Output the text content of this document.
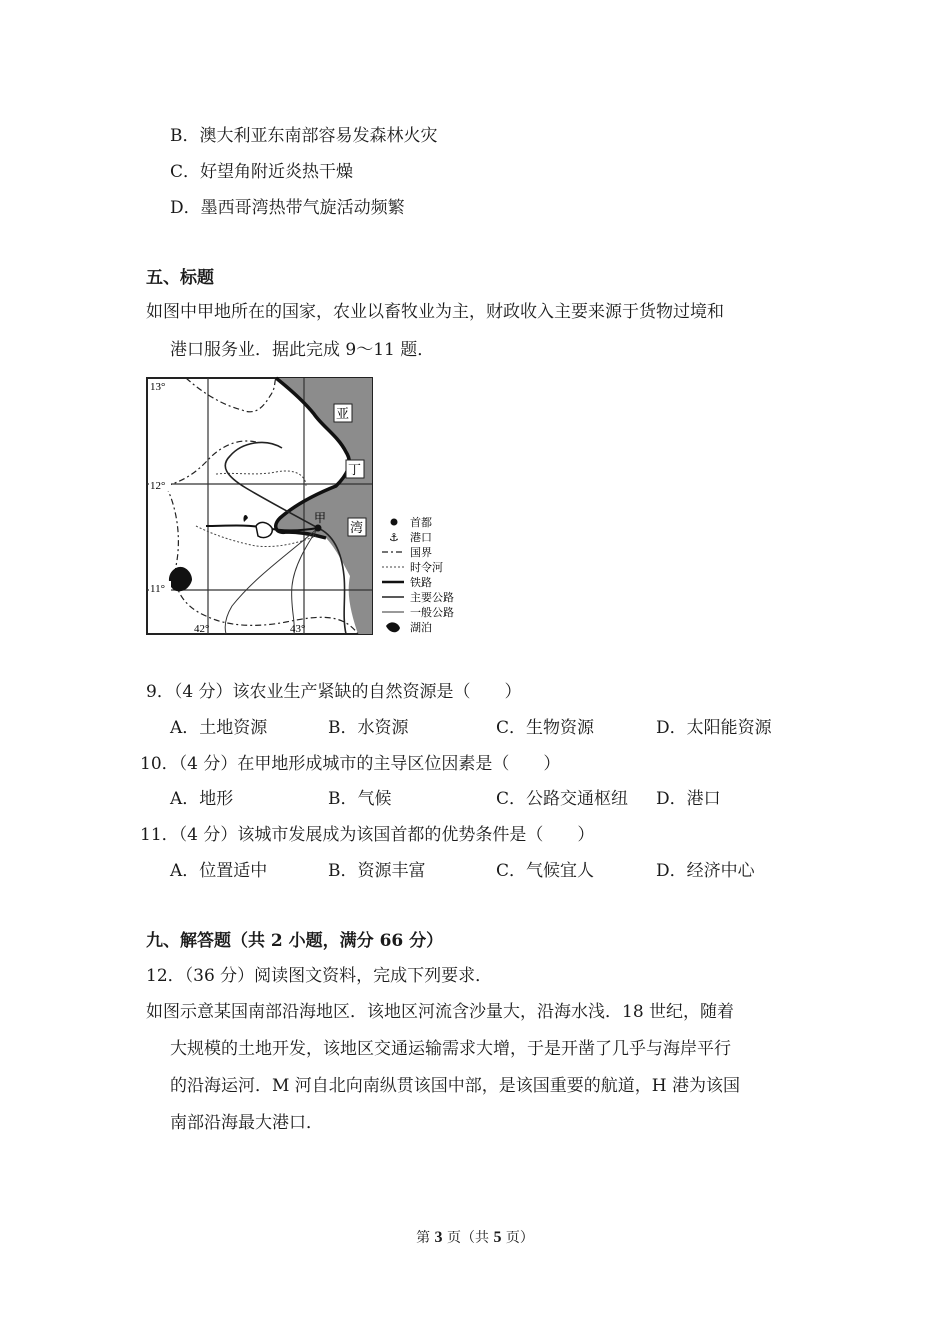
B．澳大利亚东南部容易发森林火灾
C．好望角附近炎热干燥
D．墨西哥湾热带气旋活动频繁
五、标题
如图中甲地所在的国家，农业以畜牧业为主，财政收入主要来源于货物过境和
港口服务业．据此完成 9～11 题．
甲
亚
丁
湾
13°
12°
11°
42°	43°
首都
⚓ 港口
国界
时令河
铁路
主要公路
一般公路
湖泊
9．（4 分）该农业生产紧缺的自然资源是（　　）
A．土地资源	B．水资源	C．生物资源	D．太阳能资源
10．（4 分）在甲地形成城市的主导区位因素是（　　）
A．地形	B．气候	C．公路交通枢纽 D．港口
11．（4 分）该城市发展成为该国首都的优势条件是（　　）
A．位置适中	B．资源丰富	C．气候宜人	D．经济中心
九、解答题（共 2 小题，满分 66 分）
12．（36 分）阅读图文资料，完成下列要求．
如图示意某国南部沿海地区．该地区河流含沙量大，沿海水浅．18 世纪，随着
大规模的土地开发，该地区交通运输需求大增，于是开凿了几乎与海岸平行
的沿海运河．M 河自北向南纵贯该国中部，是该国重要的航道，H 港为该国
南部沿海最大港口．
第 3 页（共 5 页）
